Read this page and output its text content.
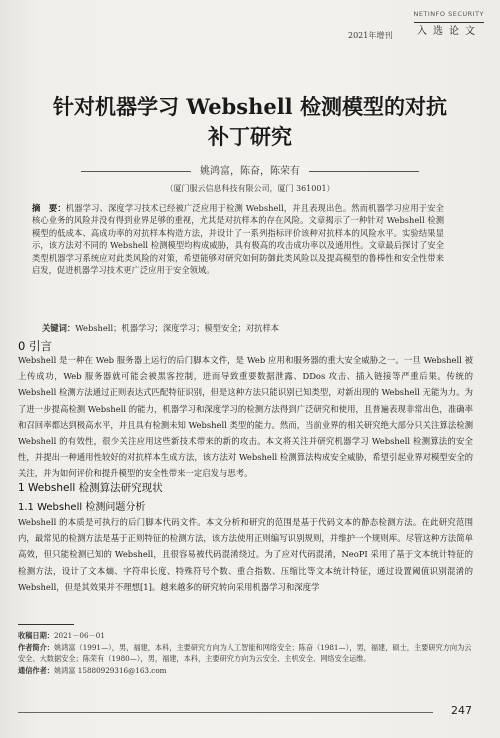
NETINFO SECURITY
2021年增刊	入选论文
针对机器学习 Webshell 检测模型的对抗
补丁研究
姚鸿富，陈奋，陈荣有
（厦门服云信息科技有限公司，厦门 361001）
摘　要：机器学习、深度学习技术已经被广泛应用于检测 Webshell，并且表现出色。然而机器学习应用于安全核心业务的风险并没有得到业界足够的重视，尤其是对抗样本的存在风险。文章揭示了一种针对 Webshell 检测模型的低成本、高成功率的对抗样本构造方法，并设计了一系列指标评价该种对抗样本的风险水平。实验结果显示，该方法对不同的 Webshell 检测模型均构成威胁，具有极高的攻击成功率以及通用性。文章最后探讨了安全类型机器学习系统应对此类风险的对策，希望能够对研究如何防御此类风险以及提高模型的鲁棒性和安全性带来启发，促进机器学习技术更广泛应用于安全领域。
关键词：Webshell；机器学习；深度学习；模型安全；对抗样本
0 引言

Webshell 是一种在 Web 服务器上运行的后门脚本文件，是 Web 应用和服务器的重大安全威胁之一。一旦 Webshell 被上传成功，Web 服务器就可能会被黑客控制，进而导致重要数据泄露、DDos 攻击、插入链接等严重后果。传统的 Webshell 检测方法通过正则表达式匹配特征识别，但是这种方法只能识别已知类型，对新出现的 Webshell 无能为力。为了进一步提高检测 Webshell 的能力，机器学习和深度学习的检测方法得到广泛研究和使用，且普遍表现非常出色，准确率和召回率都达到极高水平，并且具有检测未知 Webshell 类型的能力。然而，当前业界的相关研究绝大部分只关注算法检测 Webshell 的有效性，很少关注应用这些新技术带来的新的攻击。本文将关注并研究机器学习 Webshell 检测算法的安全性，并提出一种通用性较好的对抗样本生成方法，该方法对 Webshell 检测算法构成安全威胁，希望引起业界对模型安全的关注，并为如何评价和提升模型的安全性带来一定启发与思考。

1 Webshell 检测算法研究现状
1.1 Webshell 检测问题分析

Webshell 的本质是可执行的后门脚本代码文件。本文分析和研究的范围是基于代码文本的静态检测方法。在此研究范围内，最常见的检测方法是基于正则特征的检测方法，该方法使用正则编写识别规则，并维护一个规则库。尽管这种方法简单高效，但只能检测已知的 Webshell，且很容易被代码混淆绕过。为了应对代码混淆，NeoPI 采用了基于文本统计特征的检测方法，设计了文本熵、字符串长度、特殊符号个数、重合指数、压缩比等文本统计特征，通过设置阈值识别混淆的 Webshell，但是其效果并不理想[1]。越来越多的研究转向采用机器学习和深度学

收稿日期：2021－06－01
作者简介：姚鸿富（1991—），男，福建，本科，主要研究方向为人工智能和网络安全；陈奋（1981—），男，福建，硕士，主要研究方向为云安全、大数据安全；陈荣有（1980—），男，福建，本科，主要研究方向为云安全、主机安全、网络安全运维。
通信作者：姚鸿富 15880929316@163.com
247
